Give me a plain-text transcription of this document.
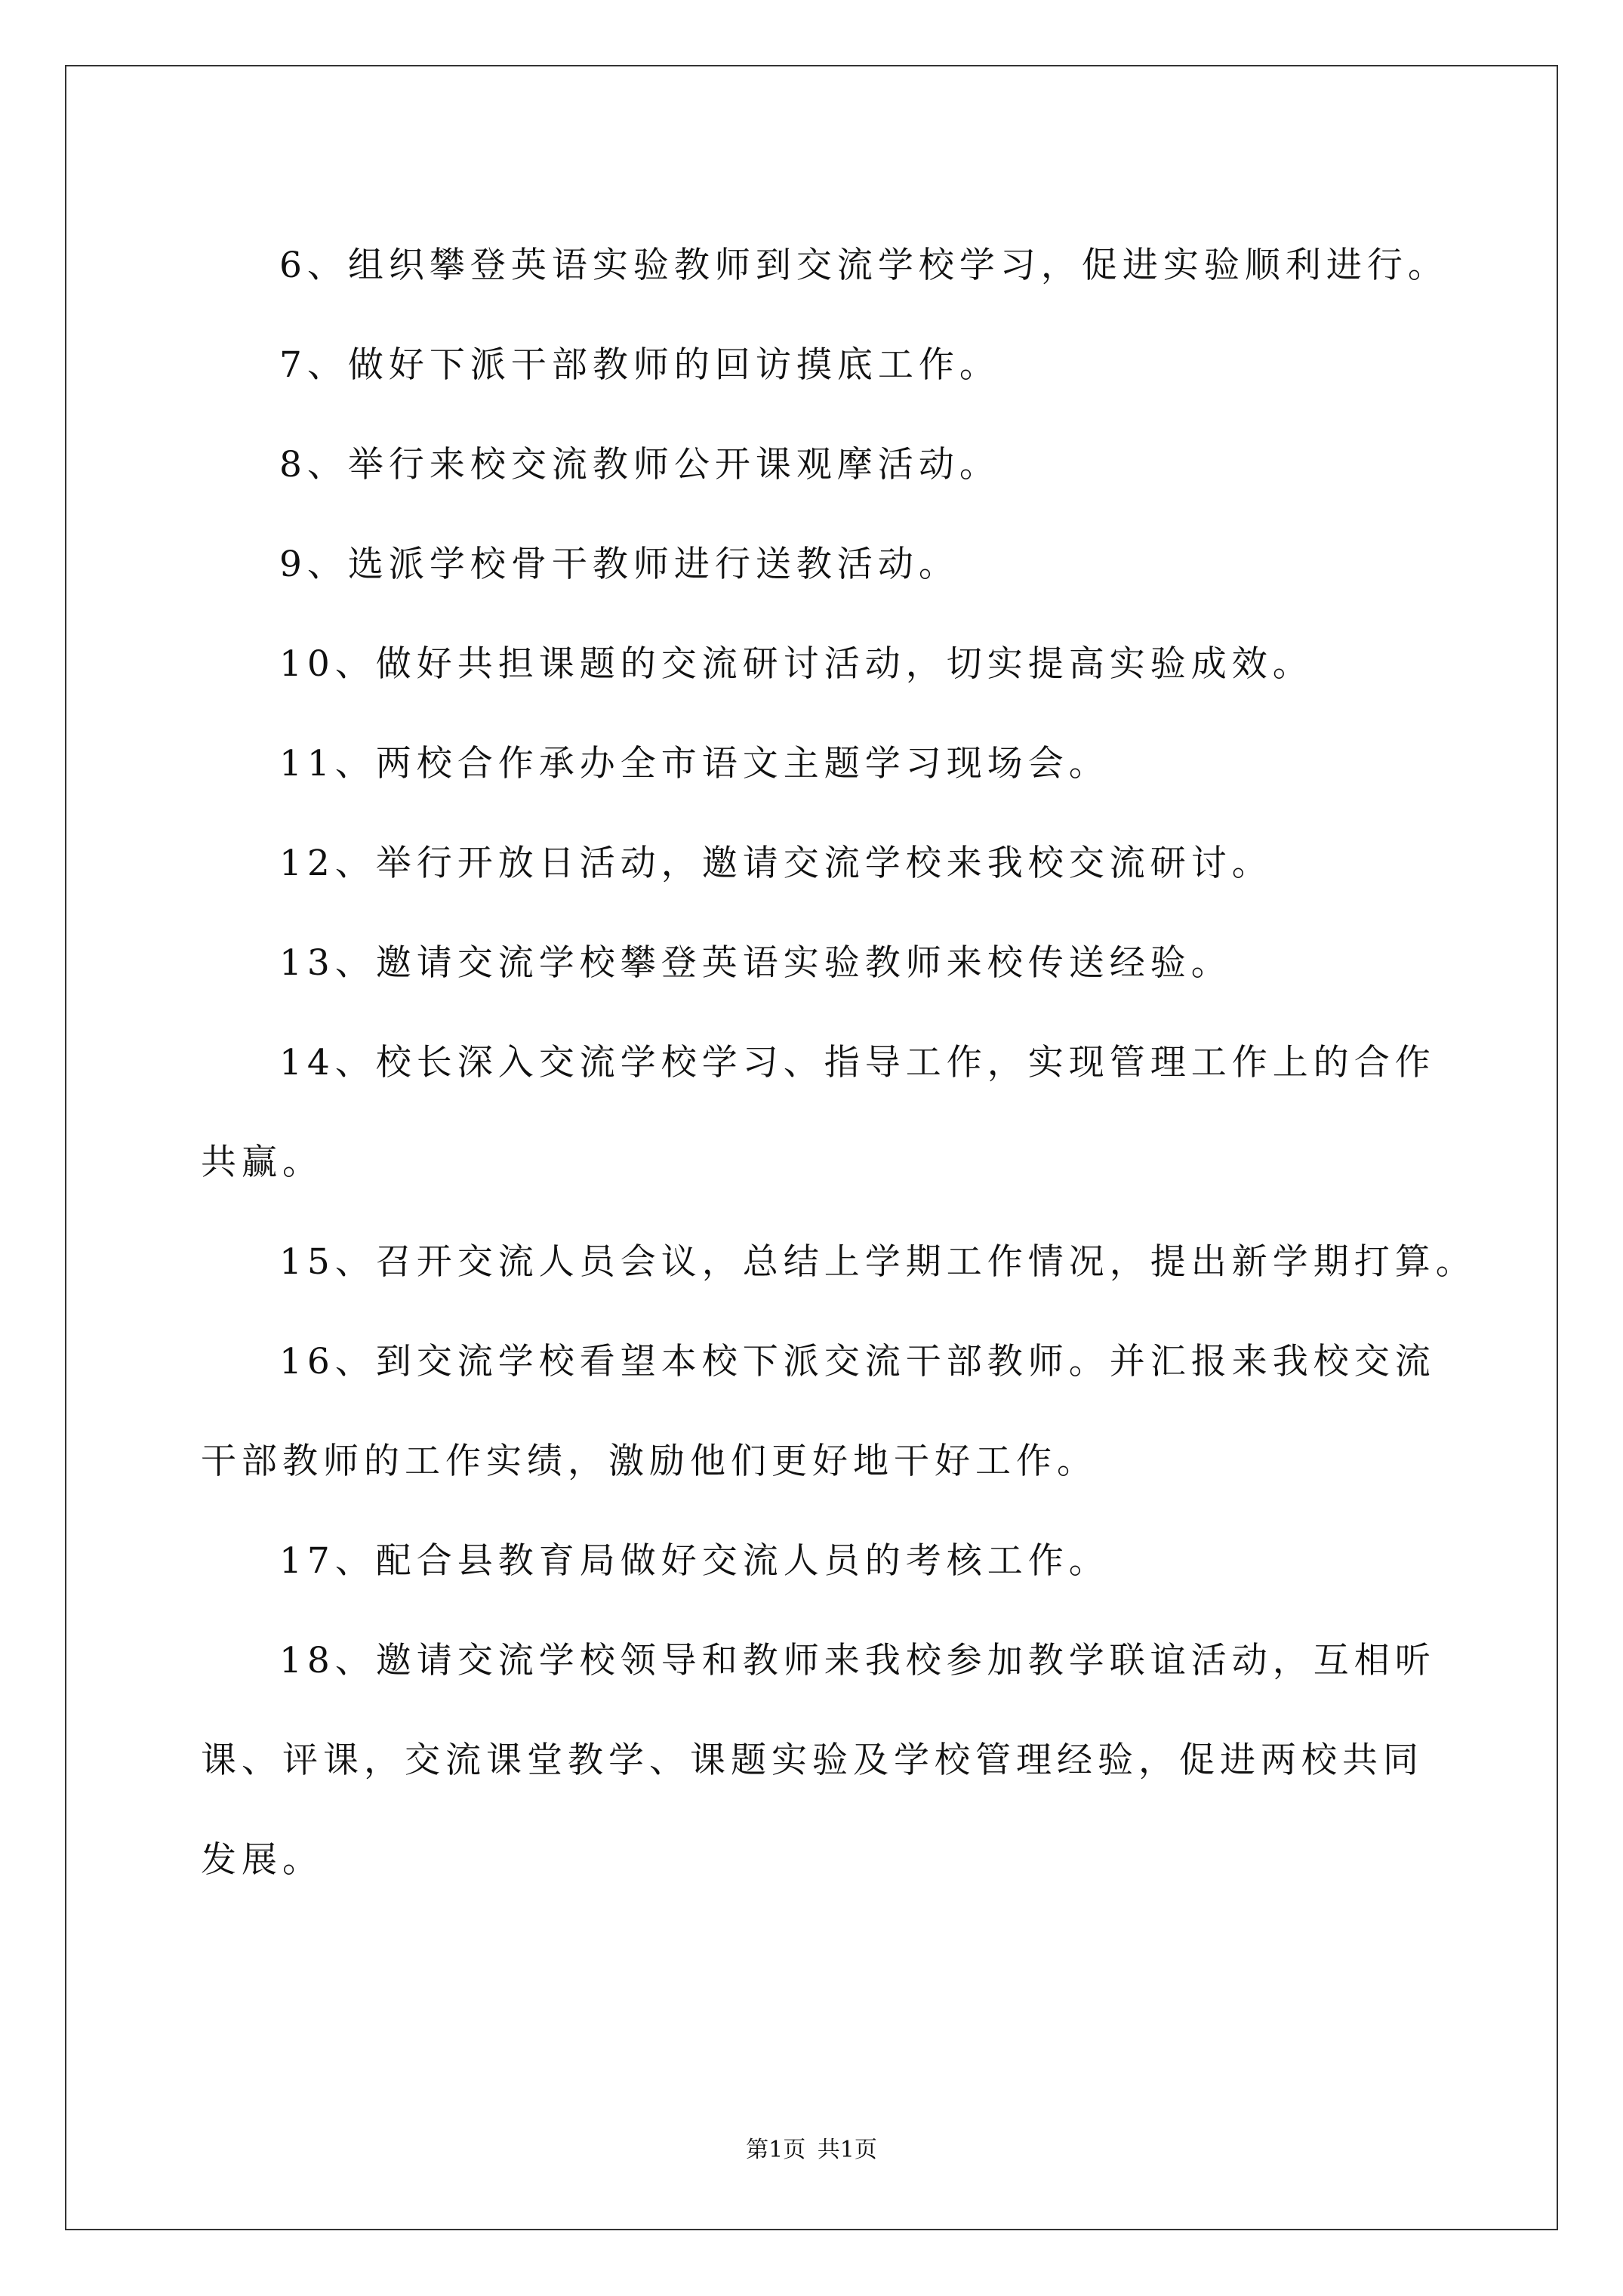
6、组织攀登英语实验教师到交流学校学习，促进实验顺利进行。

7、做好下派干部教师的回访摸底工作。

8、举行来校交流教师公开课观摩活动。

9、选派学校骨干教师进行送教活动。

10、做好共担课题的交流研讨活动，切实提高实验成效。

11、两校合作承办全市语文主题学习现场会。

12、举行开放日活动，邀请交流学校来我校交流研讨。

13、邀请交流学校攀登英语实验教师来校传送经验。

14、校长深入交流学校学习、指导工作，实现管理工作上的合作共赢。

15、召开交流人员会议，总结上学期工作情况，提出新学期打算。

16、到交流学校看望本校下派交流干部教师。并汇报来我校交流干部教师的工作实绩，激励他们更好地干好工作。

17、配合县教育局做好交流人员的考核工作。

18、邀请交流学校领导和教师来我校参加教学联谊活动，互相听课、评课，交流课堂教学、课题实验及学校管理经验，促进两校共同发展。

第1页 共1页
